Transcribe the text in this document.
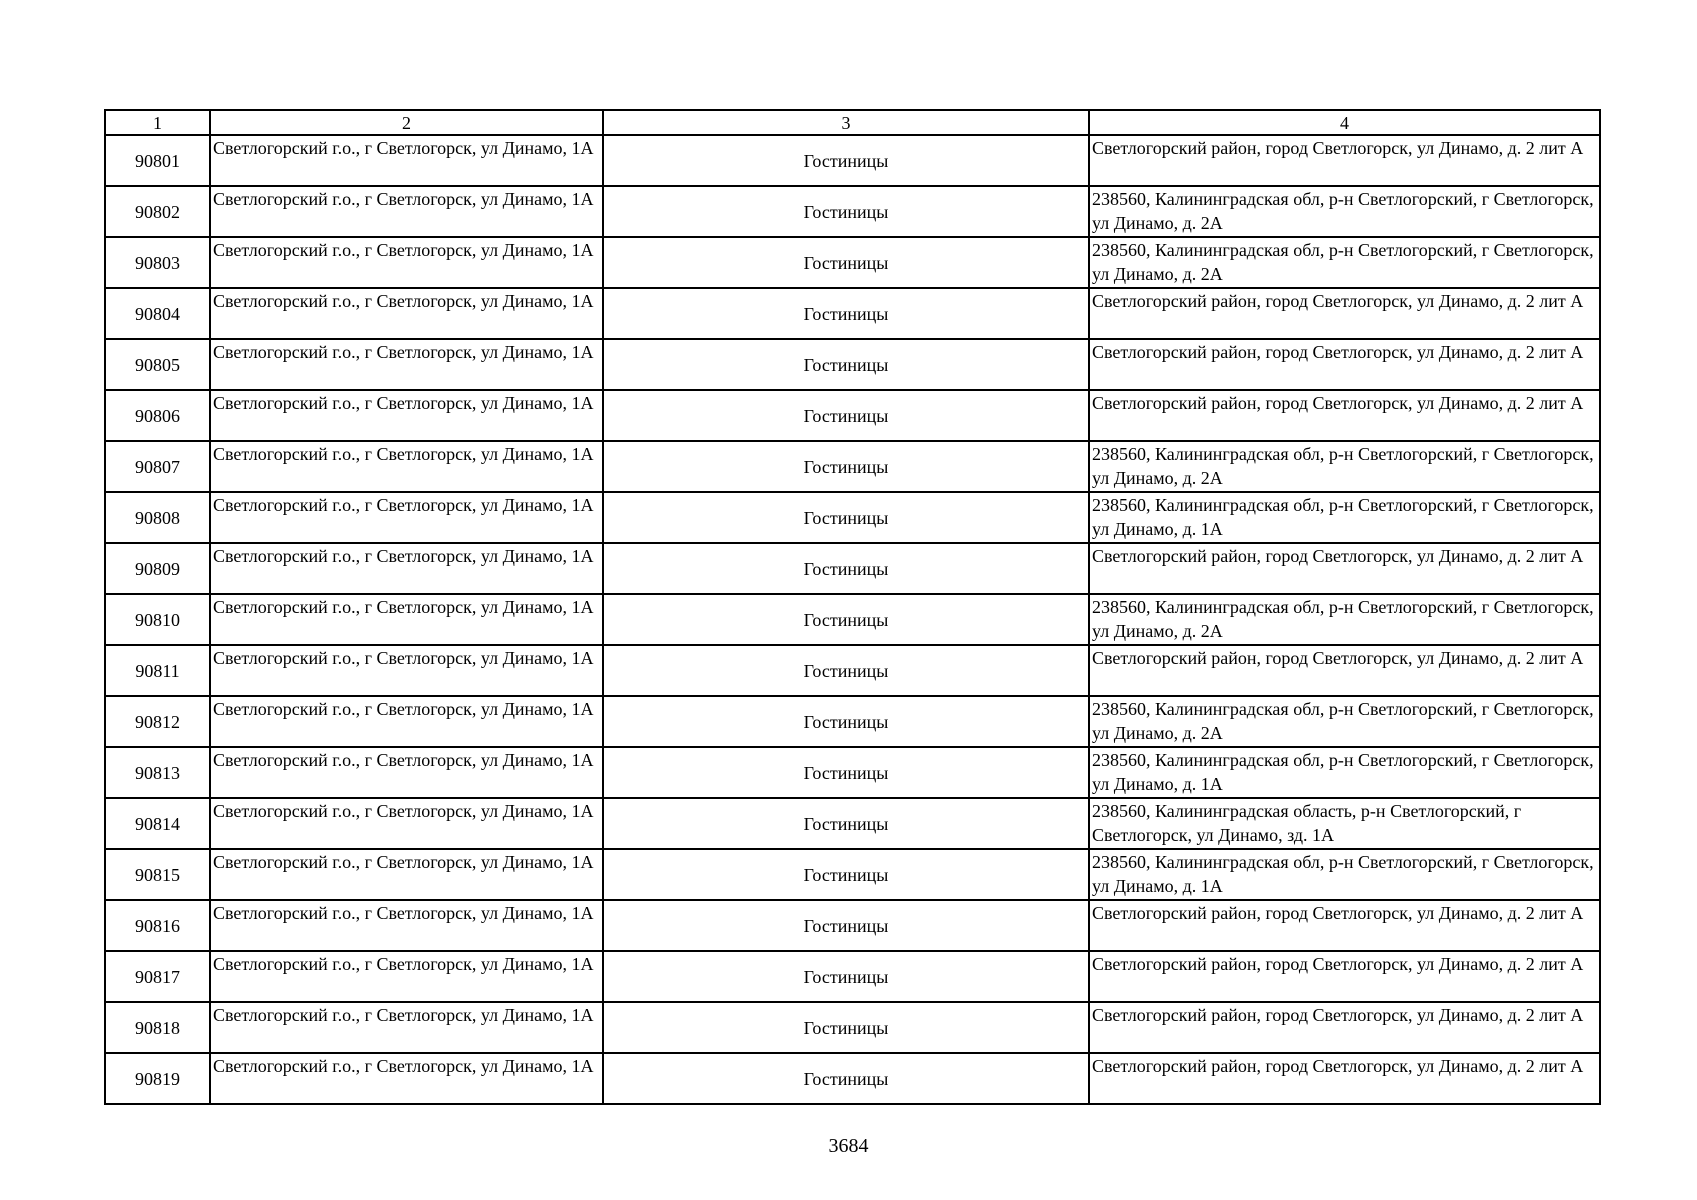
1	2	3	4
90801	Светлогорский г.о., г Светлогорск, ул Динамо, 1А	Гостиницы	Светлогорский район, город Светлогорск, ул Динамо, д. 2 лит А
90802	Светлогорский г.о., г Светлогорск, ул Динамо, 1А	Гостиницы	238560, Калининградская обл, р-н Светлогорский, г Светлогорск, ул Динамо, д. 2А
90803	Светлогорский г.о., г Светлогорск, ул Динамо, 1А	Гостиницы	238560, Калининградская обл, р-н Светлогорский, г Светлогорск, ул Динамо, д. 2А
90804	Светлогорский г.о., г Светлогорск, ул Динамо, 1А	Гостиницы	Светлогорский район, город Светлогорск, ул Динамо, д. 2 лит А
90805	Светлогорский г.о., г Светлогорск, ул Динамо, 1А	Гостиницы	Светлогорский район, город Светлогорск, ул Динамо, д. 2 лит А
90806	Светлогорский г.о., г Светлогорск, ул Динамо, 1А	Гостиницы	Светлогорский район, город Светлогорск, ул Динамо, д. 2 лит А
90807	Светлогорский г.о., г Светлогорск, ул Динамо, 1А	Гостиницы	238560, Калининградская обл, р-н Светлогорский, г Светлогорск, ул Динамо, д. 2А
90808	Светлогорский г.о., г Светлогорск, ул Динамо, 1А	Гостиницы	238560, Калининградская обл, р-н Светлогорский, г Светлогорск, ул Динамо, д. 1А
90809	Светлогорский г.о., г Светлогорск, ул Динамо, 1А	Гостиницы	Светлогорский район, город Светлогорск, ул Динамо, д. 2 лит А
90810	Светлогорский г.о., г Светлогорск, ул Динамо, 1А	Гостиницы	238560, Калининградская обл, р-н Светлогорский, г Светлогорск, ул Динамо, д. 2А
90811	Светлогорский г.о., г Светлогорск, ул Динамо, 1А	Гостиницы	Светлогорский район, город Светлогорск, ул Динамо, д. 2 лит А
90812	Светлогорский г.о., г Светлогорск, ул Динамо, 1А	Гостиницы	238560, Калининградская обл, р-н Светлогорский, г Светлогорск, ул Динамо, д. 2А
90813	Светлогорский г.о., г Светлогорск, ул Динамо, 1А	Гостиницы	238560, Калининградская обл, р-н Светлогорский, г Светлогорск, ул Динамо, д. 1А
90814	Светлогорский г.о., г Светлогорск, ул Динамо, 1А	Гостиницы	238560, Калининградская область, р-н Светлогорский, г Светлогорск, ул Динамо, зд. 1А
90815	Светлогорский г.о., г Светлогорск, ул Динамо, 1А	Гостиницы	238560, Калининградская обл, р-н Светлогорский, г Светлогорск, ул Динамо, д. 1А
90816	Светлогорский г.о., г Светлогорск, ул Динамо, 1А	Гостиницы	Светлогорский район, город Светлогорск, ул Динамо, д. 2 лит А
90817	Светлогорский г.о., г Светлогорск, ул Динамо, 1А	Гостиницы	Светлогорский район, город Светлогорск, ул Динамо, д. 2 лит А
90818	Светлогорский г.о., г Светлогорск, ул Динамо, 1А	Гостиницы	Светлогорский район, город Светлогорск, ул Динамо, д. 2 лит А
90819	Светлогорский г.о., г Светлогорск, ул Динамо, 1А	Гостиницы	Светлогорский район, город Светлогорск, ул Динамо, д. 2 лит А
3684
